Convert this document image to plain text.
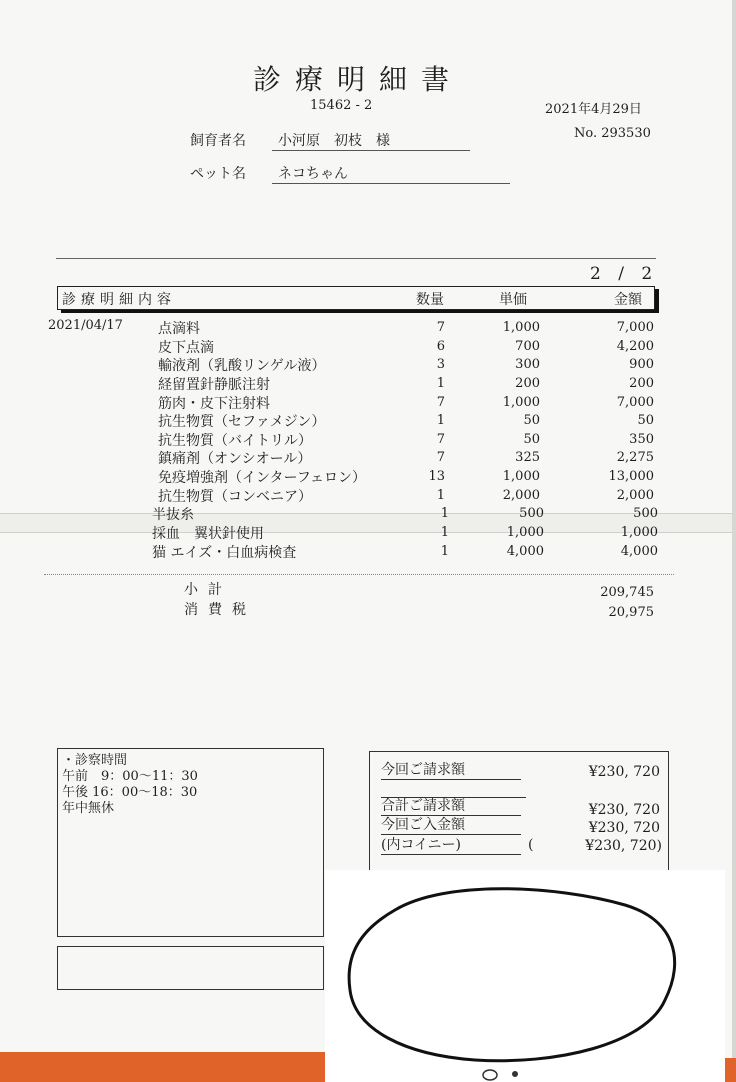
診療明細書
15462 - 2	2021年4月29日
No. 293530
飼育者名	小河原　初枝　様
ペット名	ネコちゃん
2 / 2
診療明細内容	数量	単価	金額
2021/04/17	点滴料	7	1,000	7,000
皮下点滴	6	700	4,200
輸液剤（乳酸リンゲル液）	3	300	900
経留置針静脈注射	1	200	200
筋肉・皮下注射料	7	1,000	7,000
抗生物質（セファメジン）	1	50	50
抗生物質（バイトリル）	7	50	350
鎮痛剤（オンシオール）	7	325	2,275
免疫増強剤（インターフェロン）	13	1,000	13,000
抗生物質（コンベニア）	1	2,000	2,000
半抜糸	1	500	500
採血　翼状針使用	1	1,000	1,000
猫 エイズ・白血病検査	1	4,000	4,000
小計	209,745
消費税	20,975
・診察時間
午前　9：00〜11：30
午後 16：00〜18：30
年中無休
今回ご請求額	¥230, 720
合計ご請求額	¥230, 720
今回ご入金額	¥230, 720
(内コイニー)	(	¥230, 720)
